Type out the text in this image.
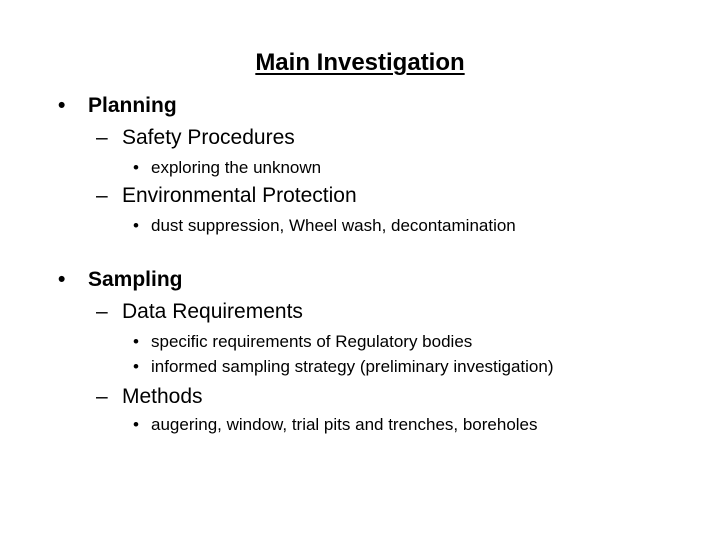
Main Investigation
• Planning
– Safety Procedures
• exploring the unknown
– Environmental Protection
• dust suppression, Wheel wash, decontamination
• Sampling
– Data Requirements
• specific requirements of Regulatory bodies
• informed sampling strategy (preliminary investigation)
– Methods
• augering, window, trial pits and trenches, boreholes
